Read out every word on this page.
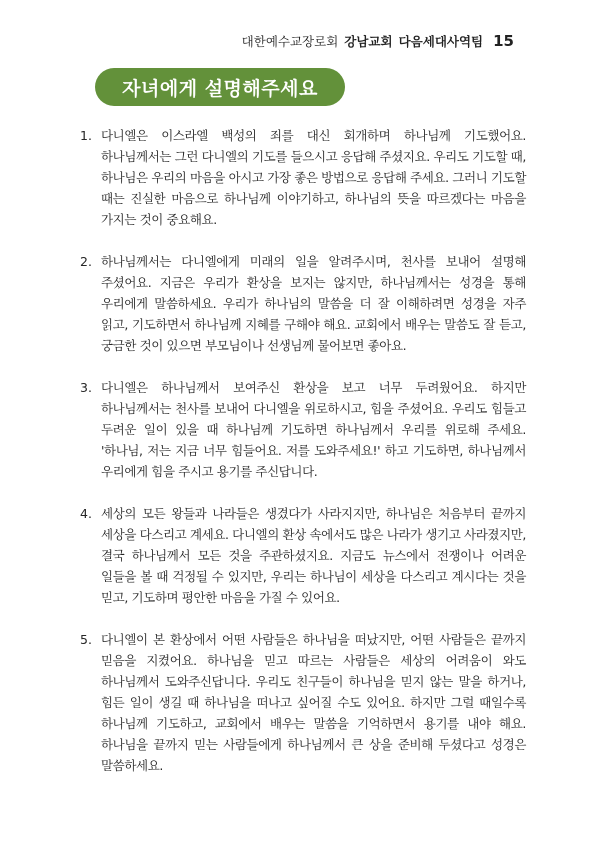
대한예수교장로회 강남교회 다음세대사역팀 15
자녀에게 설명해주세요
1. 다니엘은 이스라엘 백성의 죄를 대신 회개하며 하나님께 기도했어요. 하나님께서는 그런 다니엘의 기도를 들으시고 응답해 주셨지요. 우리도 기도할 때, 하나님은 우리의 마음을 아시고 가장 좋은 방법으로 응답해 주세요. 그러니 기도할 때는 진실한 마음으로 하나님께 이야기하고, 하나님의 뜻을 따르겠다는 마음을 가지는 것이 중요해요.
2. 하나님께서는 다니엘에게 미래의 일을 알려주시며, 천사를 보내어 설명해 주셨어요. 지금은 우리가 환상을 보지는 않지만, 하나님께서는 성경을 통해 우리에게 말씀하세요. 우리가 하나님의 말씀을 더 잘 이해하려면 성경을 자주 읽고, 기도하면서 하나님께 지혜를 구해야 해요. 교회에서 배우는 말씀도 잘 듣고, 궁금한 것이 있으면 부모님이나 선생님께 물어보면 좋아요.
3. 다니엘은 하나님께서 보여주신 환상을 보고 너무 두려웠어요. 하지만 하나님께서는 천사를 보내어 다니엘을 위로하시고, 힘을 주셨어요. 우리도 힘들고 두려운 일이 있을 때 하나님께 기도하면 하나님께서 우리를 위로해 주세요. '하나님, 저는 지금 너무 힘들어요. 저를 도와주세요!' 하고 기도하면, 하나님께서 우리에게 힘을 주시고 용기를 주신답니다.
4. 세상의 모든 왕들과 나라들은 생겼다가 사라지지만, 하나님은 처음부터 끝까지 세상을 다스리고 계세요. 다니엘의 환상 속에서도 많은 나라가 생기고 사라졌지만, 결국 하나님께서 모든 것을 주관하셨지요. 지금도 뉴스에서 전쟁이나 어려운 일들을 볼 때 걱정될 수 있지만, 우리는 하나님이 세상을 다스리고 계시다는 것을 믿고, 기도하며 평안한 마음을 가질 수 있어요.
5. 다니엘이 본 환상에서 어떤 사람들은 하나님을 떠났지만, 어떤 사람들은 끝까지 믿음을 지켰어요. 하나님을 믿고 따르는 사람들은 세상의 어려움이 와도 하나님께서 도와주신답니다. 우리도 친구들이 하나님을 믿지 않는 말을 하거나, 힘든 일이 생길 때 하나님을 떠나고 싶어질 수도 있어요. 하지만 그럴 때일수록 하나님께 기도하고, 교회에서 배우는 말씀을 기억하면서 용기를 내야 해요. 하나님을 끝까지 믿는 사람들에게 하나님께서 큰 상을 준비해 두셨다고 성경은 말씀하세요.
